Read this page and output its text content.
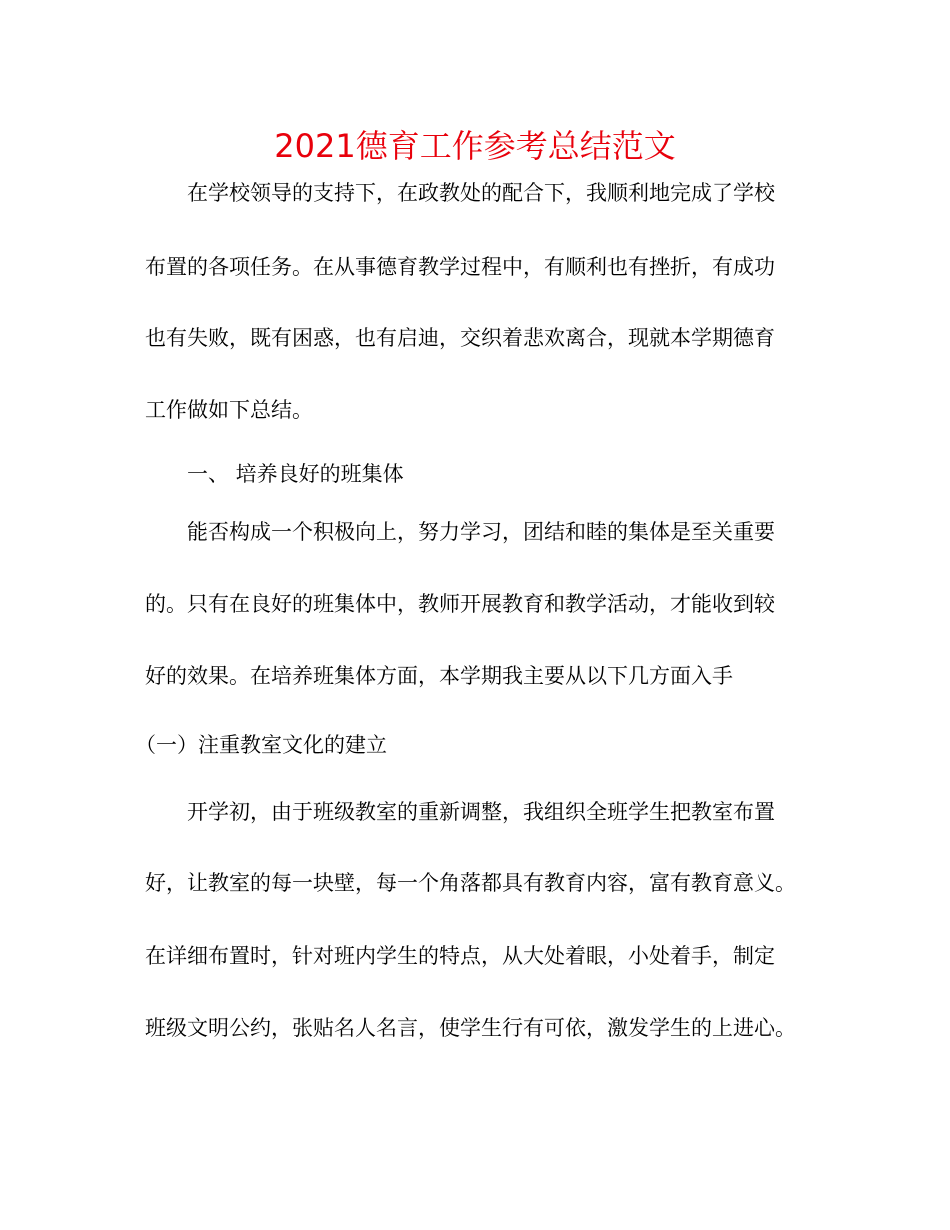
2021德育工作参考总结范文
在学校领导的支持下，在政教处的配合下，我顺利地完成了学校
布置的各项任务。在从事德育教学过程中，有顺利也有挫折，有成功
也有失败，既有困惑，也有启迪，交织着悲欢离合，现就本学期德育
工作做如下总结。
一、 培养良好的班集体
能否构成一个积极向上，努力学习，团结和睦的集体是至关重要
的。只有在良好的班集体中，教师开展教育和教学活动，才能收到较
好的效果。在培养班集体方面，本学期我主要从以下几方面入手
（一）注重教室文化的建立
开学初，由于班级教室的重新调整，我组织全班学生把教室布置
好，让教室的每一块壁，每一个角落都具有教育内容，富有教育意义。
在详细布置时，针对班内学生的特点，从大处着眼，小处着手，制定
班级文明公约，张贴名人名言，使学生行有可依，激发学生的上进心。
